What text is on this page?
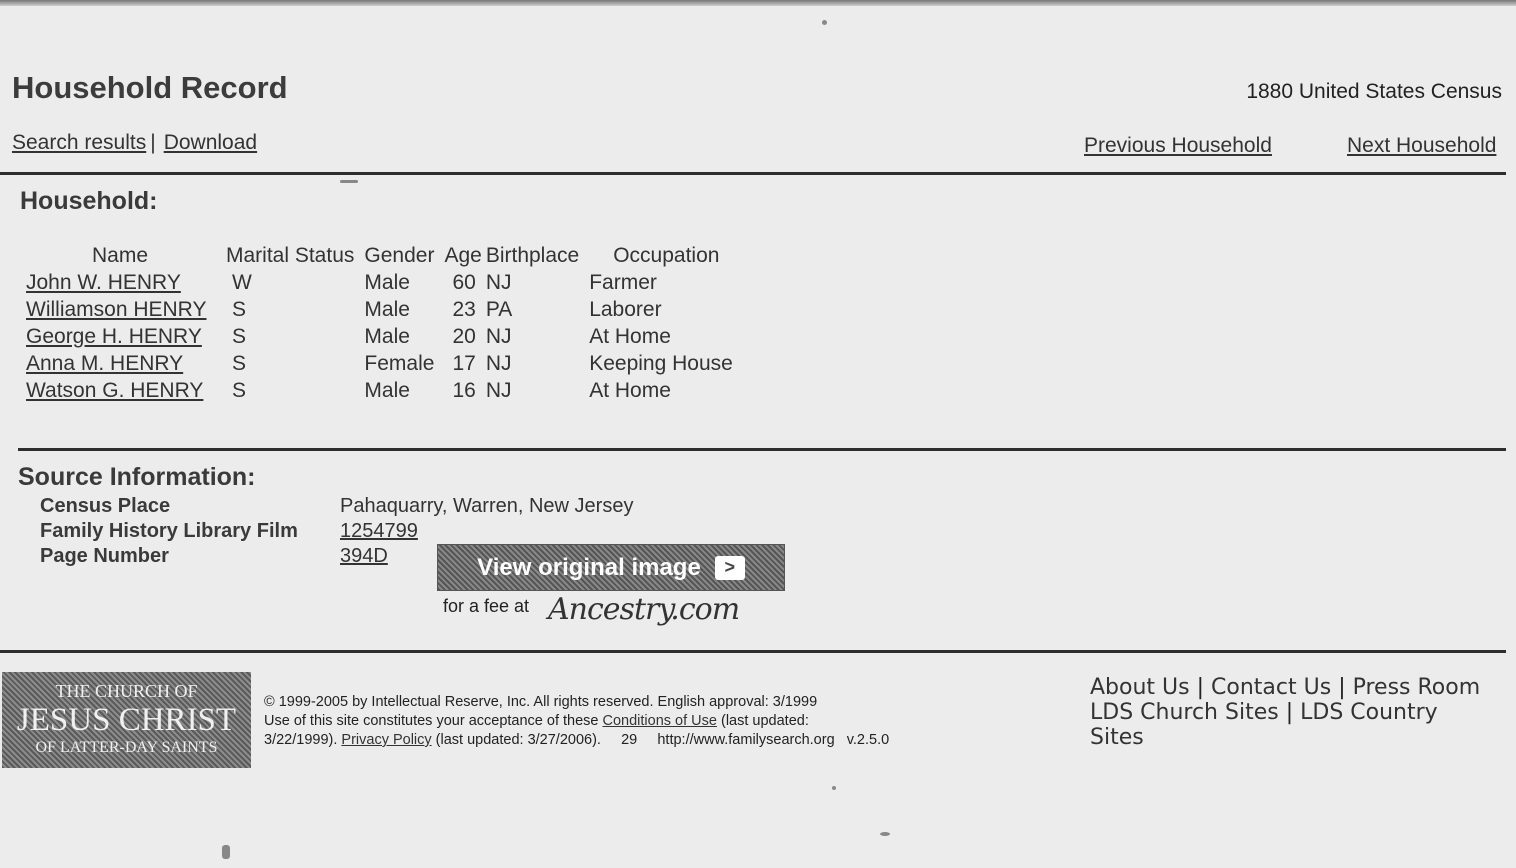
Household Record	1880 United States Census
Search results | Download	Previous Household	Next Household
Household:
Name	Marital Status	Gender	Age	Birthplace	Occupation
John W. HENRY	W	Male	60	NJ	Farmer
Williamson HENRY	S	Male	23	PA	Laborer
George H. HENRY	S	Male	20	NJ	At Home
Anna M. HENRY	S	Female	17	NJ	Keeping House
Watson G. HENRY	S	Male	16	NJ	At Home
Source Information:
Census Place	Pahaquarry, Warren, New Jersey
Family History Library Film 1254799
Page Number	394D	View original image	>
for a fee at Ancestry.com
THE CHURCH OF
JESUS CHRIST
OF LATTER-DAY SAINTS
© 1999-2005 by Intellectual Reserve, Inc. All rights reserved. English approval: 3/1999
Use of this site constitutes your acceptance of these Conditions of Use (last updated:
3/22/1999). Privacy Policy (last updated: 3/27/2006).     29     http://www.familysearch.org   v.2.5.0
About Us | Contact Us | Press Room
LDS Church Sites | LDS Country Sites
